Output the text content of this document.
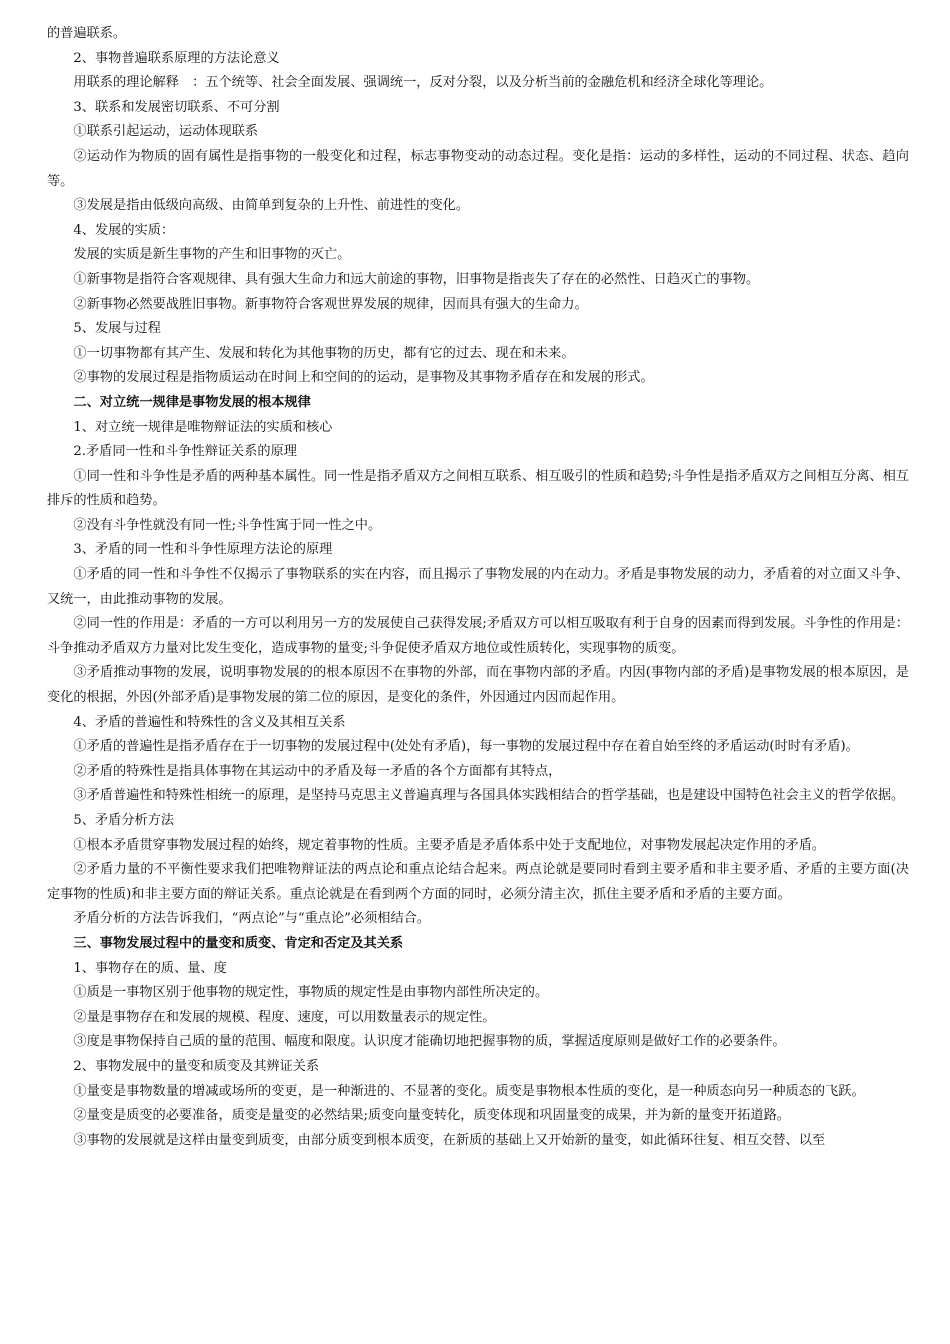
的普遍联系。

2、事物普遍联系原理的方法论意义

用联系的理论解释　：五个统等、社会全面发展、强调统一，反对分裂，以及分析当前的金融危机和经济全球化等理论。

3、联系和发展密切联系、不可分割

①联系引起运动，运动体现联系

②运动作为物质的固有属性是指事物的一般变化和过程，标志事物变动的动态过程。变化是指：运动的多样性，运动的不同过程、状态、趋向等。

③发展是指由低级向高级、由简单到复杂的上升性、前进性的变化。

4、发展的实质：

发展的实质是新生事物的产生和旧事物的灭亡。

①新事物是指符合客观规律、具有强大生命力和远大前途的事物，旧事物是指丧失了存在的必然性、日趋灭亡的事物。

②新事物必然要战胜旧事物。新事物符合客观世界发展的规律，因而具有强大的生命力。

5、发展与过程

①一切事物都有其产生、发展和转化为其他事物的历史，都有它的过去、现在和未来。

②事物的发展过程是指物质运动在时间上和空间的的运动，是事物及其事物矛盾存在和发展的形式。

二、对立统一规律是事物发展的根本规律

1、对立统一规律是唯物辩证法的实质和核心

2.矛盾同一性和斗争性辩证关系的原理

①同一性和斗争性是矛盾的两种基本属性。同一性是指矛盾双方之间相互联系、相互吸引的性质和趋势;斗争性是指矛盾双方之间相互分离、相互排斥的性质和趋势。

②没有斗争性就没有同一性;斗争性寓于同一性之中。

3、矛盾的同一性和斗争性原理方法论的原理

①矛盾的同一性和斗争性不仅揭示了事物联系的实在内容，而且揭示了事物发展的内在动力。矛盾是事物发展的动力，矛盾着的对立面又斗争、又统一，由此推动事物的发展。

②同一性的作用是：矛盾的一方可以利用另一方的发展使自己获得发展;矛盾双方可以相互吸取有利于自身的因素而得到发展。斗争性的作用是：斗争推动矛盾双方力量对比发生变化，造成事物的量变;斗争促使矛盾双方地位或性质转化，实现事物的质变。

③矛盾推动事物的发展，说明事物发展的的根本原因不在事物的外部，而在事物内部的矛盾。内因(事物内部的矛盾)是事物发展的根本原因，是变化的根据，外因(外部矛盾)是事物发展的第二位的原因，是变化的条件，外因通过内因而起作用。

4、矛盾的普遍性和特殊性的含义及其相互关系

①矛盾的普遍性是指矛盾存在于一切事物的发展过程中(处处有矛盾)，每一事物的发展过程中存在着自始至终的矛盾运动(时时有矛盾)。

②矛盾的特殊性是指具体事物在其运动中的矛盾及每一矛盾的各个方面都有其特点，

③矛盾普遍性和特殊性相统一的原理，是坚持马克思主义普遍真理与各国具体实践相结合的哲学基础，也是建设中国特色社会主义的哲学依据。

5、矛盾分析方法

①根本矛盾贯穿事物发展过程的始终，规定着事物的性质。主要矛盾是矛盾体系中处于支配地位，对事物发展起决定作用的矛盾。

②矛盾力量的不平衡性要求我们把唯物辩证法的两点论和重点论结合起来。两点论就是要同时看到主要矛盾和非主要矛盾、矛盾的主要方面(决定事物的性质)和非主要方面的辩证关系。重点论就是在看到两个方面的同时，必须分清主次，抓住主要矛盾和矛盾的主要方面。

矛盾分析的方法告诉我们，“两点论”与“重点论”必须相结合。

三、事物发展过程中的量变和质变、肯定和否定及其关系

1、事物存在的质、量、度

①质是一事物区别于他事物的规定性，事物质的规定性是由事物内部性所决定的。

②量是事物存在和发展的规模、程度、速度，可以用数量表示的规定性。

③度是事物保持自己质的量的范围、幅度和限度。认识度才能确切地把握事物的质，掌握适度原则是做好工作的必要条件。

2、事物发展中的量变和质变及其辨证关系

①量变是事物数量的增减或场所的变更，是一种渐进的、不显著的变化。质变是事物根本性质的变化，是一种质态向另一种质态的飞跃。

②量变是质变的必要准备，质变是量变的必然结果;质变向量变转化，质变体现和巩固量变的成果，并为新的量变开拓道路。

③事物的发展就是这样由量变到质变，由部分质变到根本质变，在新质的基础上又开始新的量变，如此循环往复、相互交替、以至
